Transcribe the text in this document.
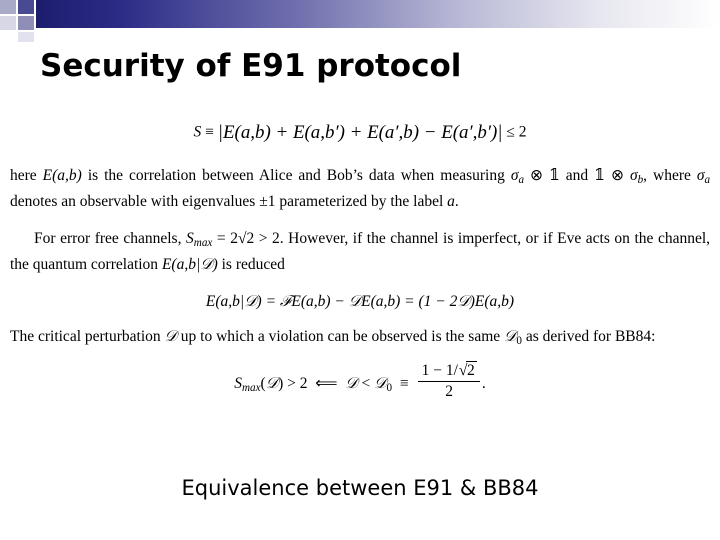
Security of E91 protocol
S ≡ |E(a,b) + E(a,b′) + E(a′,b) − E(a′,b′)| ≤ 2

here E(a,b) is the correlation between Alice and Bob’s data when measuring $\sigma_a$ ⊗ 𝟙 and 𝟙 ⊗ $\sigma_b$, where $\sigma_a$ denotes an observable with eigenvalues ±1 parameterized by the label a.

For error free channels, $S_{max} = 2√2 > 2$. However, if the channel is imperfect, or if Eve acts on the channel, the quantum correlation E(a,b|𝒟) is reduced

E(a,b|𝒟) = ℱE(a,b) − 𝒟E(a,b) = (1 − 2𝒟)E(a,b)

The critical perturbation 𝒟 up to which a violation can be observed is the same 𝒟$_0$ as derived for BB84:

$S_{max}(𝒟) > 2$  ⟸  𝒟 < 𝒟$_0$  ≡ $\frac{1 - 1/√2}{2}$ .
Equivalence between E91 & BB84
